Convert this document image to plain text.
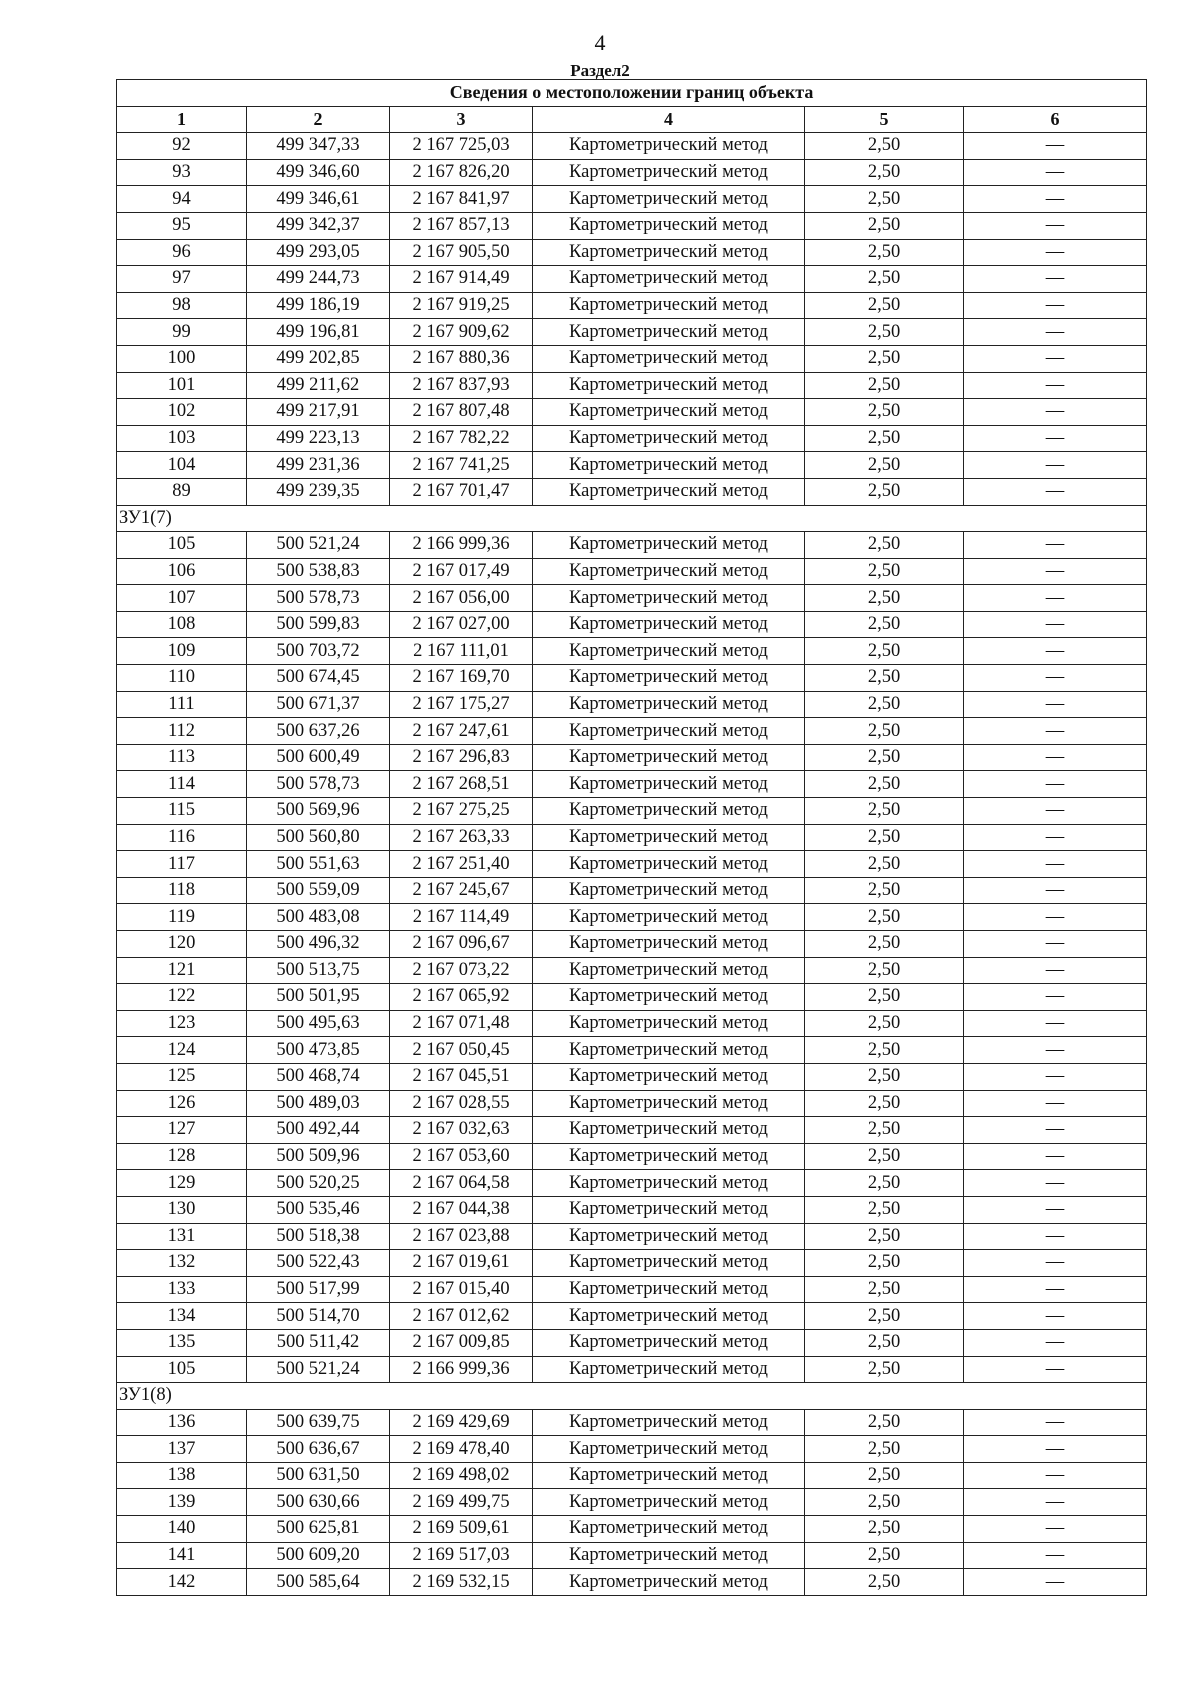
4
Раздел2
Сведения о местоположении границ объекта					
1	2	3	4	5	6
92	499 347,33	2 167 725,03	Картометрический метод	2,50	—
93	499 346,60	2 167 826,20	Картометрический метод	2,50	—
94	499 346,61	2 167 841,97	Картометрический метод	2,50	—
95	499 342,37	2 167 857,13	Картометрический метод	2,50	—
96	499 293,05	2 167 905,50	Картометрический метод	2,50	—
97	499 244,73	2 167 914,49	Картометрический метод	2,50	—
98	499 186,19	2 167 919,25	Картометрический метод	2,50	—
99	499 196,81	2 167 909,62	Картометрический метод	2,50	—
100	499 202,85	2 167 880,36	Картометрический метод	2,50	—
101	499 211,62	2 167 837,93	Картометрический метод	2,50	—
102	499 217,91	2 167 807,48	Картометрический метод	2,50	—
103	499 223,13	2 167 782,22	Картометрический метод	2,50	—
104	499 231,36	2 167 741,25	Картометрический метод	2,50	—
89	499 239,35	2 167 701,47	Картометрический метод	2,50	—
ЗУ1(7)					
105	500 521,24	2 166 999,36	Картометрический метод	2,50	—
106	500 538,83	2 167 017,49	Картометрический метод	2,50	—
107	500 578,73	2 167 056,00	Картометрический метод	2,50	—
108	500 599,83	2 167 027,00	Картометрический метод	2,50	—
109	500 703,72	2 167 111,01	Картометрический метод	2,50	—
110	500 674,45	2 167 169,70	Картометрический метод	2,50	—
111	500 671,37	2 167 175,27	Картометрический метод	2,50	—
112	500 637,26	2 167 247,61	Картометрический метод	2,50	—
113	500 600,49	2 167 296,83	Картометрический метод	2,50	—
114	500 578,73	2 167 268,51	Картометрический метод	2,50	—
115	500 569,96	2 167 275,25	Картометрический метод	2,50	—
116	500 560,80	2 167 263,33	Картометрический метод	2,50	—
117	500 551,63	2 167 251,40	Картометрический метод	2,50	—
118	500 559,09	2 167 245,67	Картометрический метод	2,50	—
119	500 483,08	2 167 114,49	Картометрический метод	2,50	—
120	500 496,32	2 167 096,67	Картометрический метод	2,50	—
121	500 513,75	2 167 073,22	Картометрический метод	2,50	—
122	500 501,95	2 167 065,92	Картометрический метод	2,50	—
123	500 495,63	2 167 071,48	Картометрический метод	2,50	—
124	500 473,85	2 167 050,45	Картометрический метод	2,50	—
125	500 468,74	2 167 045,51	Картометрический метод	2,50	—
126	500 489,03	2 167 028,55	Картометрический метод	2,50	—
127	500 492,44	2 167 032,63	Картометрический метод	2,50	—
128	500 509,96	2 167 053,60	Картометрический метод	2,50	—
129	500 520,25	2 167 064,58	Картометрический метод	2,50	—
130	500 535,46	2 167 044,38	Картометрический метод	2,50	—
131	500 518,38	2 167 023,88	Картометрический метод	2,50	—
132	500 522,43	2 167 019,61	Картометрический метод	2,50	—
133	500 517,99	2 167 015,40	Картометрический метод	2,50	—
134	500 514,70	2 167 012,62	Картометрический метод	2,50	—
135	500 511,42	2 167 009,85	Картометрический метод	2,50	—
105	500 521,24	2 166 999,36	Картометрический метод	2,50	—
ЗУ1(8)					
136	500 639,75	2 169 429,69	Картометрический метод	2,50	—
137	500 636,67	2 169 478,40	Картометрический метод	2,50	—
138	500 631,50	2 169 498,02	Картометрический метод	2,50	—
139	500 630,66	2 169 499,75	Картометрический метод	2,50	—
140	500 625,81	2 169 509,61	Картометрический метод	2,50	—
141	500 609,20	2 169 517,03	Картометрический метод	2,50	—
142	500 585,64	2 169 532,15	Картометрический метод	2,50	—
